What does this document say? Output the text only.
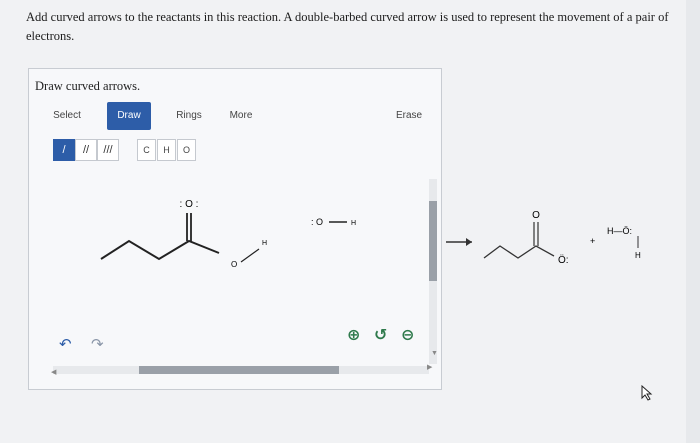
Add curved arrows to the reactants in this reaction. A double-barbed curved arrow is used to represent the movement of a pair of electrons.
Draw curved arrows.
Select	Draw	Rings	More	Erase
/	//	///	C	H	O
: O :
O
H
: O	H
▼
◀
▶
↶ ↷	⊕ ↺ ⊖
O
Ö:
+
H—Ö:
H
